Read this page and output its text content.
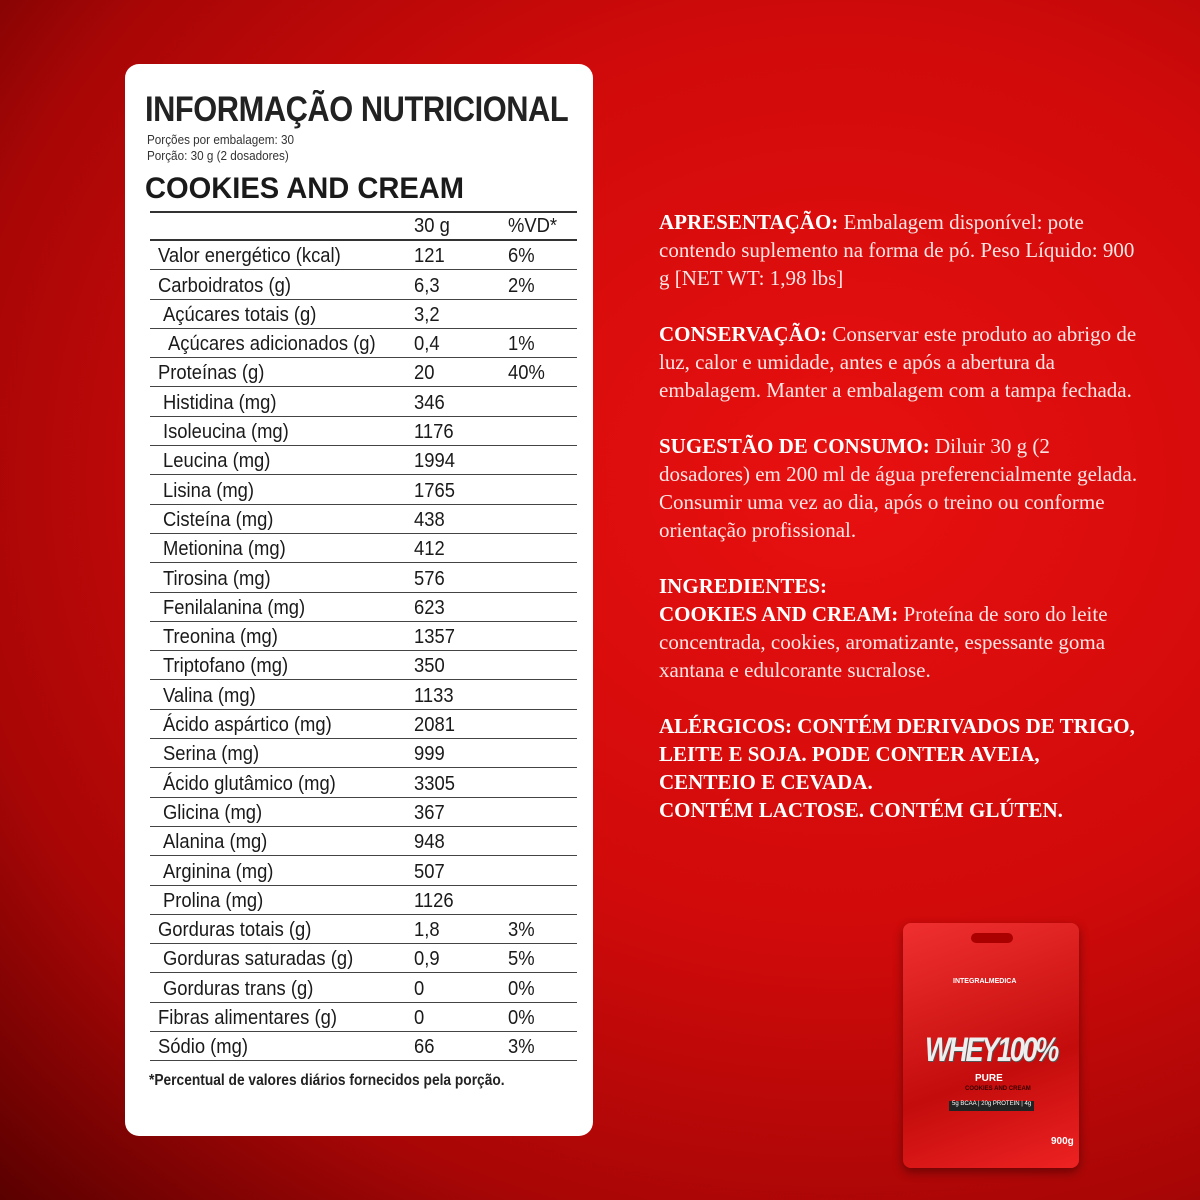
INFORMAÇÃO NUTRICIONAL
Porções por embalagem: 30
Porção: 30 g (2 dosadores)
COOKIES AND CREAM
30 g	%VD*
Valor energético (kcal)	121	6%
Carboidratos (g)	6,3	2%
Açúcares totais (g)	3,2
Açúcares adicionados (g) 0,4	1%
Proteínas (g)	20	40%
Histidina (mg)	346
Isoleucina (mg)	1176
Leucina (mg)	1994
Lisina (mg)	1765
Cisteína (mg)	438
Metionina (mg)	412
Tirosina (mg)	576
Fenilalanina (mg)	623
Treonina (mg)	1357
Triptofano (mg)	350
Valina (mg)	1133
Ácido aspártico (mg)	2081
Serina (mg)	999
Ácido glutâmico (mg)	3305
Glicina (mg)	367
Alanina (mg)	948
Arginina (mg)	507
Prolina (mg)	1126
Gorduras totais (g)	1,8	3%
Gorduras saturadas (g)	0,9	5%
Gorduras trans (g)	0	0%
Fibras alimentares (g)	0	0%
Sódio (mg)	66	3%
*Percentual de valores diários fornecidos pela porção.

APRESENTAÇÃO: Embalagem disponível: pote contendo suplemento na forma de pó. Peso Líquido: 900 g [NET WT: 1,98 lbs]

CONSERVAÇÃO: Conservar este produto ao abrigo de luz, calor e umidade, antes e após a abertura da embalagem. Manter a embalagem com a tampa fechada.

SUGESTÃO DE CONSUMO: Diluir 30 g (2 dosadores) em 200 ml de água preferencialmente gelada. Consumir uma vez ao dia, após o treino ou conforme orientação profissional.

INGREDIENTES:
COOKIES AND CREAM: Proteína de soro do leite concentrada, cookies, aromatizante, espessante goma xantana e edulcorante sucralose.

ALÉRGICOS: CONTÉM DERIVADOS DE TRIGO, LEITE E SOJA. PODE CONTER AVEIA, CENTEIO E CEVADA.
CONTÉM LACTOSE. CONTÉM GLÚTEN.

INTEGRALMEDICA
WHEY100%
PURE
COOKIES AND CREAM
5g BCAA | 20g PROTEIN | 4g
900g
